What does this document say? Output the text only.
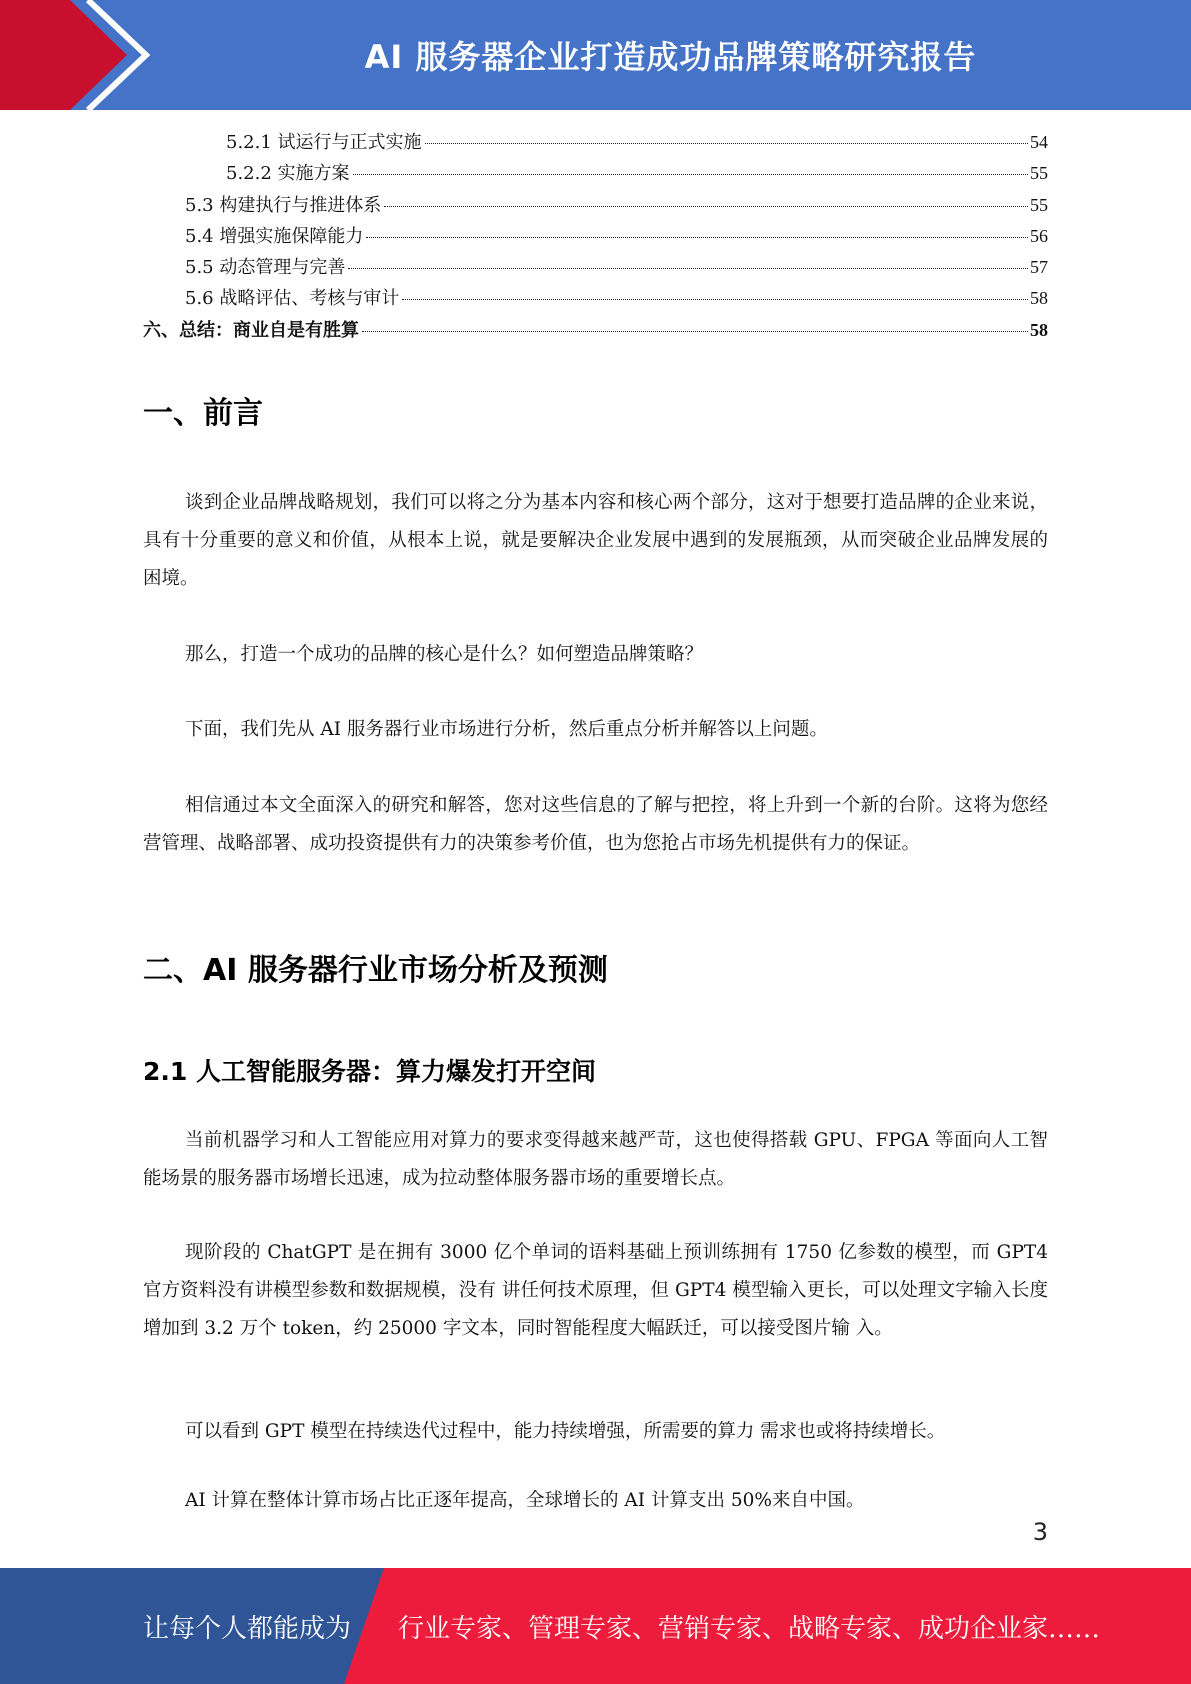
AI 服务器企业打造成功品牌策略研究报告
5.2.1 试运行与正式实施	54
5.2.2 实施方案	55
5.3 构建执行与推进体系	55
5.4 增强实施保障能力	56
5.5 动态管理与完善	57
5.6 战略评估、考核与审计	58
六、总结：商业自是有胜算	58
一、前言

谈到企业品牌战略规划，我们可以将之分为基本内容和核心两个部分，这对于想要打造品牌的企业来说，具有十分重要的意义和价值，从根本上说，就是要解决企业发展中遇到的发展瓶颈，从而突破企业品牌发展的困境。

那么，打造一个成功的品牌的核心是什么？如何塑造品牌策略？

下面，我们先从 AI 服务器行业市场进行分析，然后重点分析并解答以上问题。

相信通过本文全面深入的研究和解答，您对这些信息的了解与把控，将上升到一个新的台阶。这将为您经营管理、战略部署、成功投资提供有力的决策参考价值，也为您抢占市场先机提供有力的保证。

二、AI 服务器行业市场分析及预测
2.1 人工智能服务器：算力爆发打开空间

当前机器学习和人工智能应用对算力的要求变得越来越严苛，这也使得搭载 GPU、FPGA 等面向人工智能场景的服务器市场增长迅速，成为拉动整体服务器市场的重要增长点。

现阶段的 ChatGPT 是在拥有 3000 亿个单词的语料基础上预训练拥有 1750 亿参数的模型，而 GPT4 官方资料没有讲模型参数和数据规模，没有 讲任何技术原理，但 GPT4 模型输入更长，可以处理文字输入长度增加到 3.2 万个 token，约 25000 字文本，同时智能程度大幅跃迁，可以接受图片输 入。

可以看到 GPT 模型在持续迭代过程中，能力持续增强，所需要的算力 需求也或将持续增长。

AI 计算在整体计算市场占比正逐年提高，全球增长的 AI 计算支出 50%来自中国。

3
让每个人都能成为 行业专家、管理专家、营销专家、战略专家、成功企业家……
